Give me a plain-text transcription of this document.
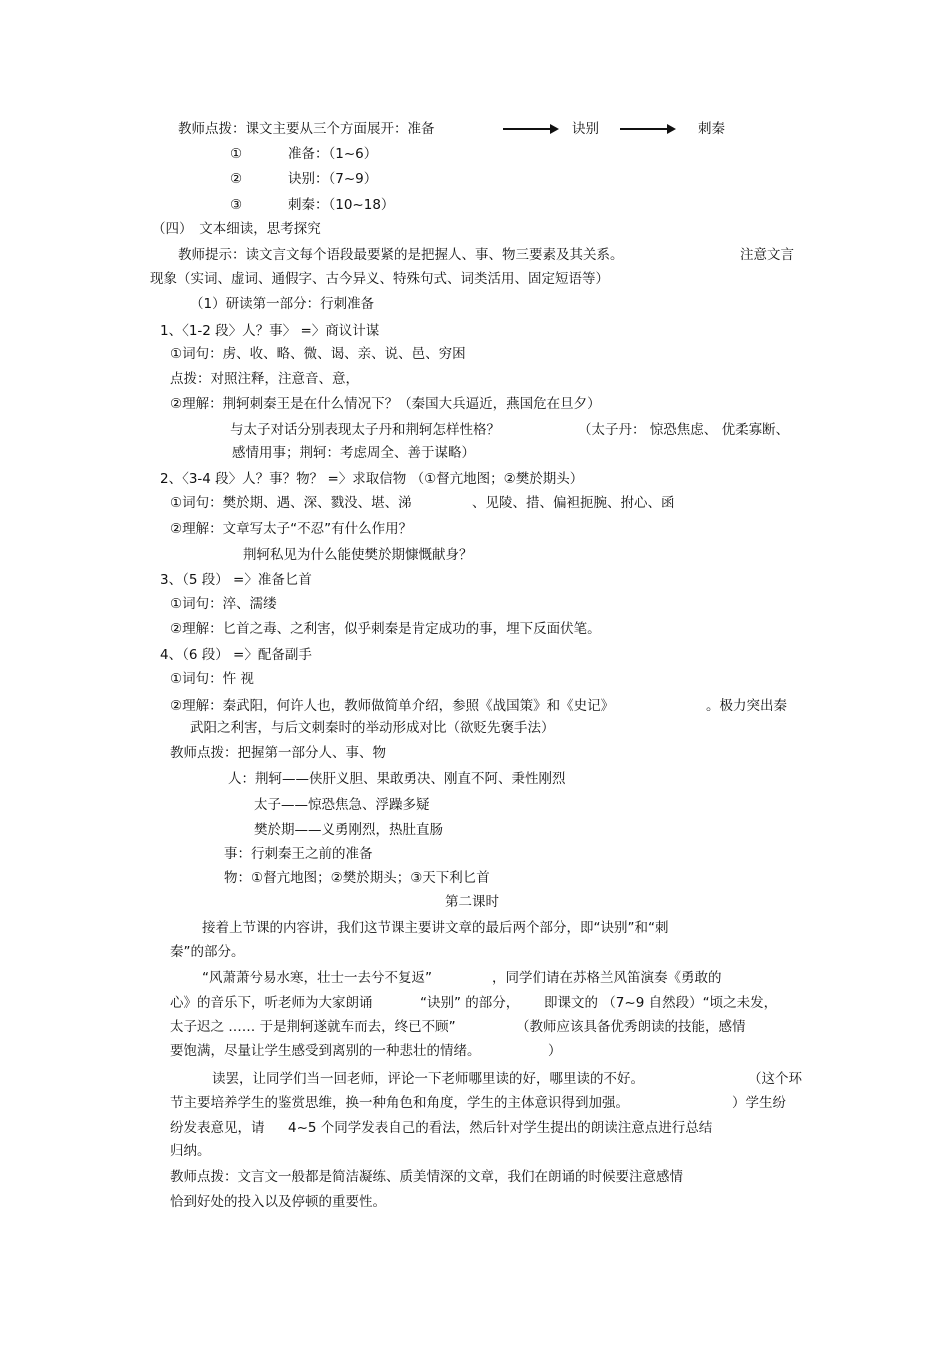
教师点拨：课文主要从三个方面展开：准备	诀别	刺秦
①	准备：（1~6）
②	诀别：（7~9）
③	刺秦：（10~18）
（四）　文本细读，思考探究
教师提示：读文言文每个语段最要紧的是把握人、事、物三要素及其关系。	注意文言
现象（实词、虚词、通假字、古今异义、特殊句式、词类活用、固定短语等）
（1）研读第一部分：行刺准备
1、〈1-2 段〉人？事〉 =〉商议计谋
①词句：虏、收、略、微、谒、亲、说、邑、穷困
点拨：对照注释，注意音、意，
②理解：荆轲刺秦王是在什么情况下？（秦国大兵逼近，燕国危在旦夕）
与太子对话分别表现太子丹和荆轲怎样性格？	（太子丹： 惊恐焦虑、 优柔寡断、
感情用事；荆轲：考虑周全、善于谋略）
2、〈3-4 段〉人？事？物？ =〉求取信物 （①督亢地图；②樊於期头）
①词句：樊於期、遇、深、戮没、堪、涕	、见陵、措、偏袒扼腕、拊心、函
②理解：文章写太子“不忍”有什么作用？
荆轲私见为什么能使樊於期慷慨献身？
3、（5 段） =〉准备匕首
①词句：淬、濡缕
②理解：匕首之毒、之利害，似乎刺秦是肯定成功的事，埋下反面伏笔。
4、（6 段） =〉配备副手
①词句：忤 视
②理解：秦武阳，何许人也，教师做简单介绍，参照《战国策》和《史记》	。极力突出秦
武阳之利害，与后文刺秦时的举动形成对比（欲贬先褒手法）
教师点拨：把握第一部分人、事、物
人：荆轲——侠肝义胆、果敢勇决、刚直不阿、秉性刚烈
太子——惊恐焦急、浮躁多疑
樊於期——义勇刚烈，热肚直肠
事：行刺秦王之前的准备
物：①督亢地图；②樊於期头；③天下利匕首
第二课时
接着上节课的内容讲，我们这节课主要讲文章的最后两个部分，即“诀别”和“刺
秦”的部分。
“风萧萧兮易水寒，壮士一去兮不复返”	，同学们请在苏格兰风笛演奏《勇敢的
心》的音乐下，听老师为大家朗诵	“诀别” 的部分， 即课文的 （7~9 自然段）“顷之未发，
太子迟之 …… 于是荆轲遂就车而去，终已不顾”	（教师应该具备优秀朗读的技能，感情
要饱满，尽量让学生感受到离别的一种悲壮的情绪。	）
读罢，让同学们当一回老师，评论一下老师哪里读的好，哪里读的不好。	（这个环
节主要培养学生的鉴赏思维，换一种角色和角度，学生的主体意识得到加强。	）学生纷
纷发表意见，请 4~5 个同学发表自己的看法，然后针对学生提出的朗读注意点进行总结
归纳。
教师点拨：文言文一般都是简洁凝练、质美情深的文章，我们在朗诵的时候要注意感情
恰到好处的投入以及停顿的重要性。
